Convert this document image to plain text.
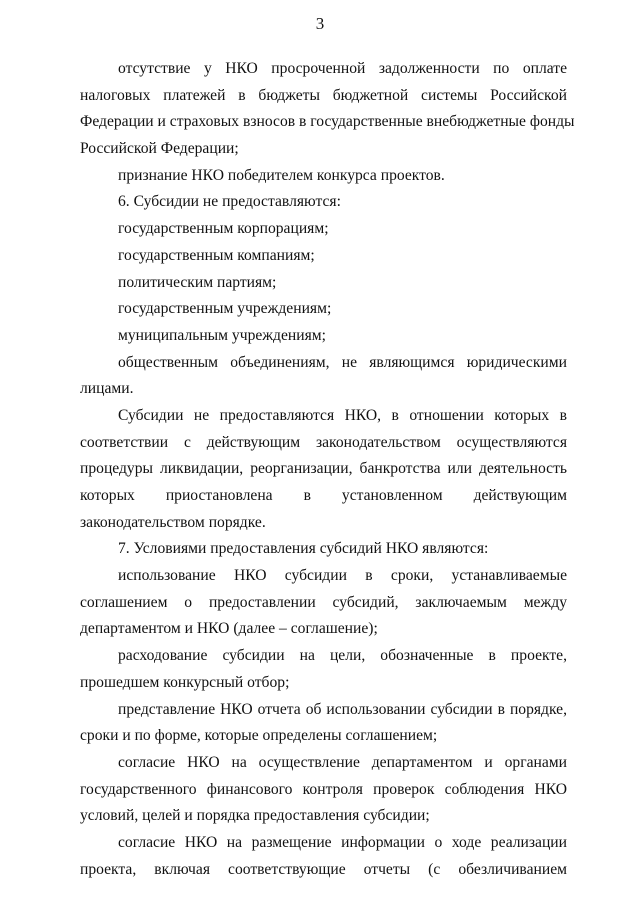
3
отсутствие у НКО просроченной задолженности по оплате
налоговых платежей в бюджеты бюджетной системы Российской
Федерации и страховых взносов в государственные внебюджетные фонды
Российской Федерации;
признание НКО победителем конкурса проектов.
6. Субсидии не предоставляются:
государственным корпорациям;
государственным компаниям;
политическим партиям;
государственным учреждениям;
муниципальным учреждениям;
общественным объединениям, не являющимся юридическими
лицами.
Субсидии не предоставляются НКО, в отношении которых в
соответствии с действующим законодательством осуществляются
процедуры ликвидации, реорганизации, банкротства или деятельность
которых приостановлена в установленном действующим
законодательством порядке.
7. Условиями предоставления субсидий НКО являются:
использование НКО субсидии в сроки, устанавливаемые
соглашением о предоставлении субсидий, заключаемым между
департаментом и НКО (далее – соглашение);
расходование субсидии на цели, обозначенные в проекте,
прошедшем конкурсный отбор;
представление НКО отчета об использовании субсидии в порядке,
сроки и по форме, которые определены соглашением;
согласие НКО на осуществление департаментом и органами
государственного финансового контроля проверок соблюдения НКО
условий, целей и порядка предоставления субсидии;
согласие НКО на размещение информации о ходе реализации
проекта, включая соответствующие отчеты (с обезличиванием
